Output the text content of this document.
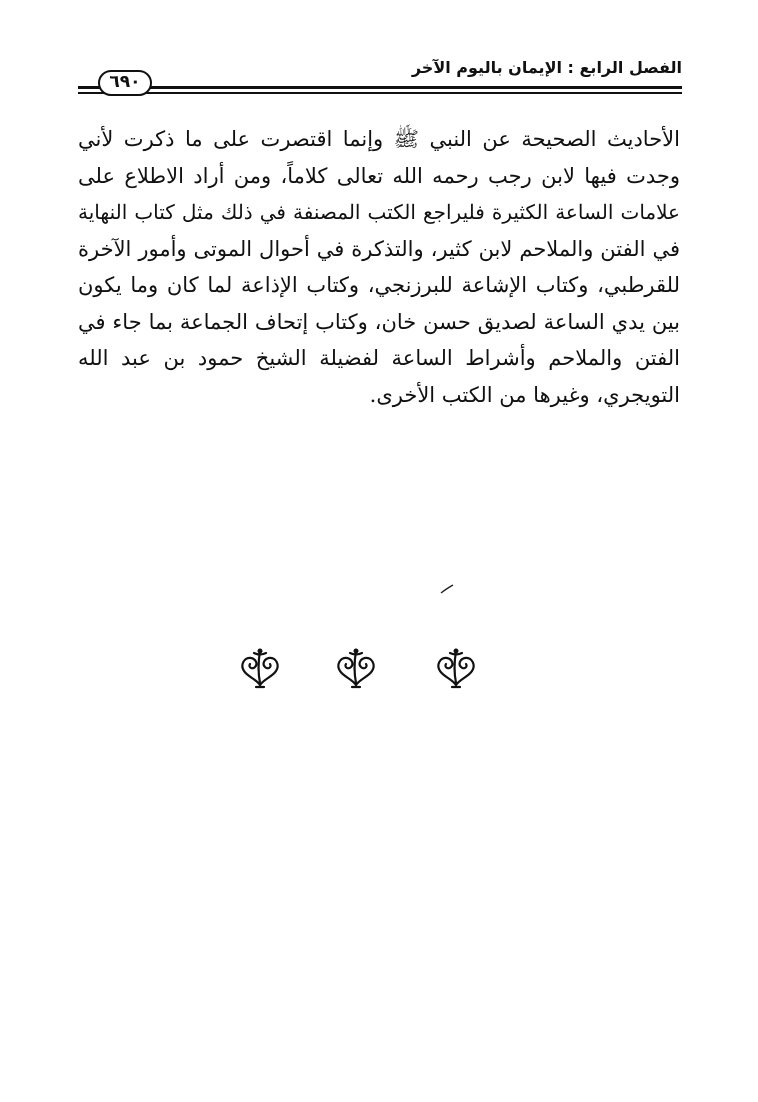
الفصل الرابع : الإيمان باليوم الآخر
٦٩٠
الأحاديث الصحيحة عن النبي ﷺ وإنما اقتصرت على ما ذكرت لأني
وجدت فيها لابن رجب رحمه الله تعالى كلاماً، ومن أراد الاطلاع على
علامات الساعة الكثيرة فليراجع الكتب المصنفة في ذلك مثل كتاب النهاية
في الفتن والملاحم لابن كثير، والتذكرة في أحوال الموتى وأمور الآخرة
للقرطبي، وكتاب الإشاعة للبرزنجي، وكتاب الإذاعة لما كان وما يكون
بين يدي الساعة لصديق حسن خان، وكتاب إتحاف الجماعة بما جاء في
الفتن والملاحم وأشراط الساعة لفضيلة الشيخ حمود بن عبد الله
التويجري، وغيرها من الكتب الأخرى.
